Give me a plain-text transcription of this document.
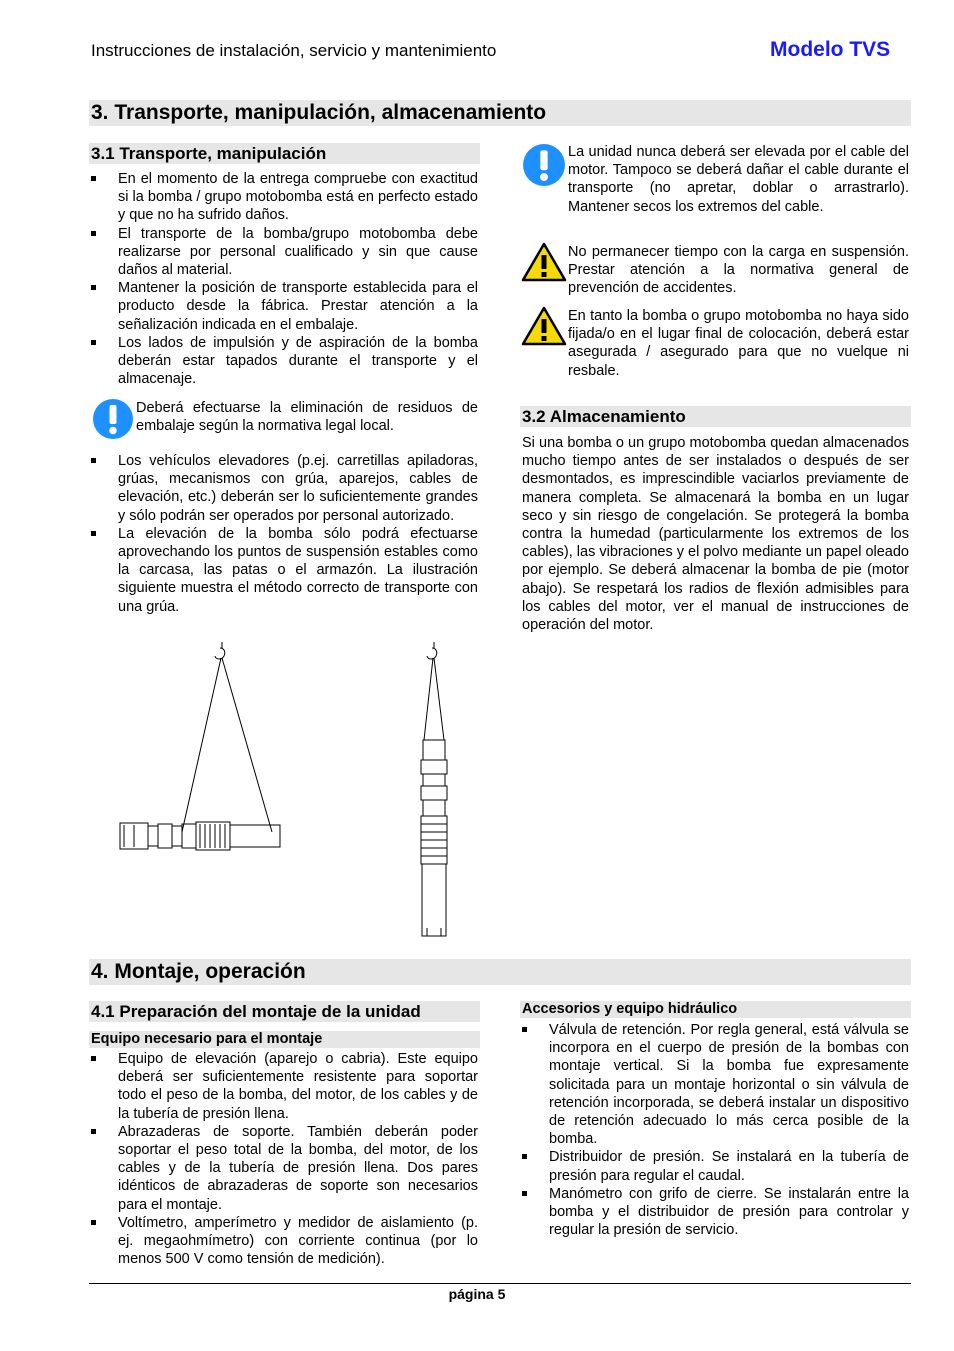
Instrucciones de instalación, servicio y mantenimiento	Modelo TVS
3. Transporte, manipulación, almacenamiento
3.1 Transporte, manipulación
En el momento de la entrega compruebe con exactitud si la bomba / grupo motobomba está en perfecto estado y que no ha sufrido daños.
El transporte de la bomba/grupo motobomba debe realizarse por personal cualificado y sin que cause daños al material.
Mantener la posición de transporte establecida para el producto desde la fábrica. Prestar atención a la señalización indicada en el embalaje.
Los lados de impulsión y de aspiración de la bomba deberán estar tapados durante el transporte y el almacenaje.
Deberá efectuarse la eliminación de residuos de embalaje según la normativa legal local.
Los vehículos elevadores (p.ej. carretillas apiladoras, grúas, mecanismos con grúa, aparejos, cables de elevación, etc.) deberán ser lo suficientemente grandes y sólo podrán ser operados por personal autorizado.
La elevación de la bomba sólo podrá efectuarse aprovechando los puntos de suspensión estables como la carcasa, las patas o el armazón. La ilustración siguiente muestra el método correcto de transporte con una grúa.
La unidad nunca deberá ser elevada por el cable del motor. Tampoco se deberá dañar el cable durante el transporte (no apretar, doblar o arrastrarlo). Mantener secos los extremos del cable.
No permanecer tiempo con la carga en suspensión. Prestar atención a la normativa general de prevención de accidentes.
En tanto la bomba o grupo motobomba no haya sido fijada/o en el lugar final de colocación, deberá estar asegurada / asegurado para que no vuelque ni resbale.
3.2 Almacenamiento
Si una bomba o un grupo motobomba quedan almacenados mucho tiempo antes de ser instalados o después de ser desmontados, es imprescindible vaciarlos previamente de manera completa. Se almacenará la bomba en un lugar seco y sin riesgo de congelación. Se protegerá la bomba contra la humedad (particularmente los extremos de los cables), las vibraciones y el polvo mediante un papel oleado por ejemplo. Se deberá almacenar la bomba de pie (motor abajo). Se respetará los radios de flexión admisibles para los cables del motor, ver el manual de instrucciones de operación del motor.
4. Montaje, operación
4.1 Preparación del montaje de la unidad
Equipo necesario para el montaje
Equipo de elevación (aparejo o cabria). Este equipo deberá ser suficientemente resistente para soportar todo el peso de la bomba, del motor, de los cables y de la tubería de presión llena.
Abrazaderas de soporte. También deberán poder soportar el peso total de la bomba, del motor, de los cables y de la tubería de presión llena. Dos pares idénticos de abrazaderas de soporte son necesarios para el montaje.
Voltímetro, amperímetro y medidor de aislamiento (p. ej. megaohmímetro) con corriente continua (por lo menos 500 V como tensión de medición).
Accesorios y equipo hidráulico
Válvula de retención. Por regla general, está válvula se incorpora en el cuerpo de presión de la bombas con montaje vertical. Si la bomba fue expresamente solicitada para un montaje horizontal o sin válvula de retención incorporada, se deberá instalar un dispositivo de retención adecuado lo más cerca posible de la bomba.
Distribuidor de presión. Se instalará en la tubería de presión para regular el caudal.
Manómetro con grifo de cierre. Se instalarán entre la bomba y el distribuidor de presión para controlar y regular la presión de servicio.
página 5
